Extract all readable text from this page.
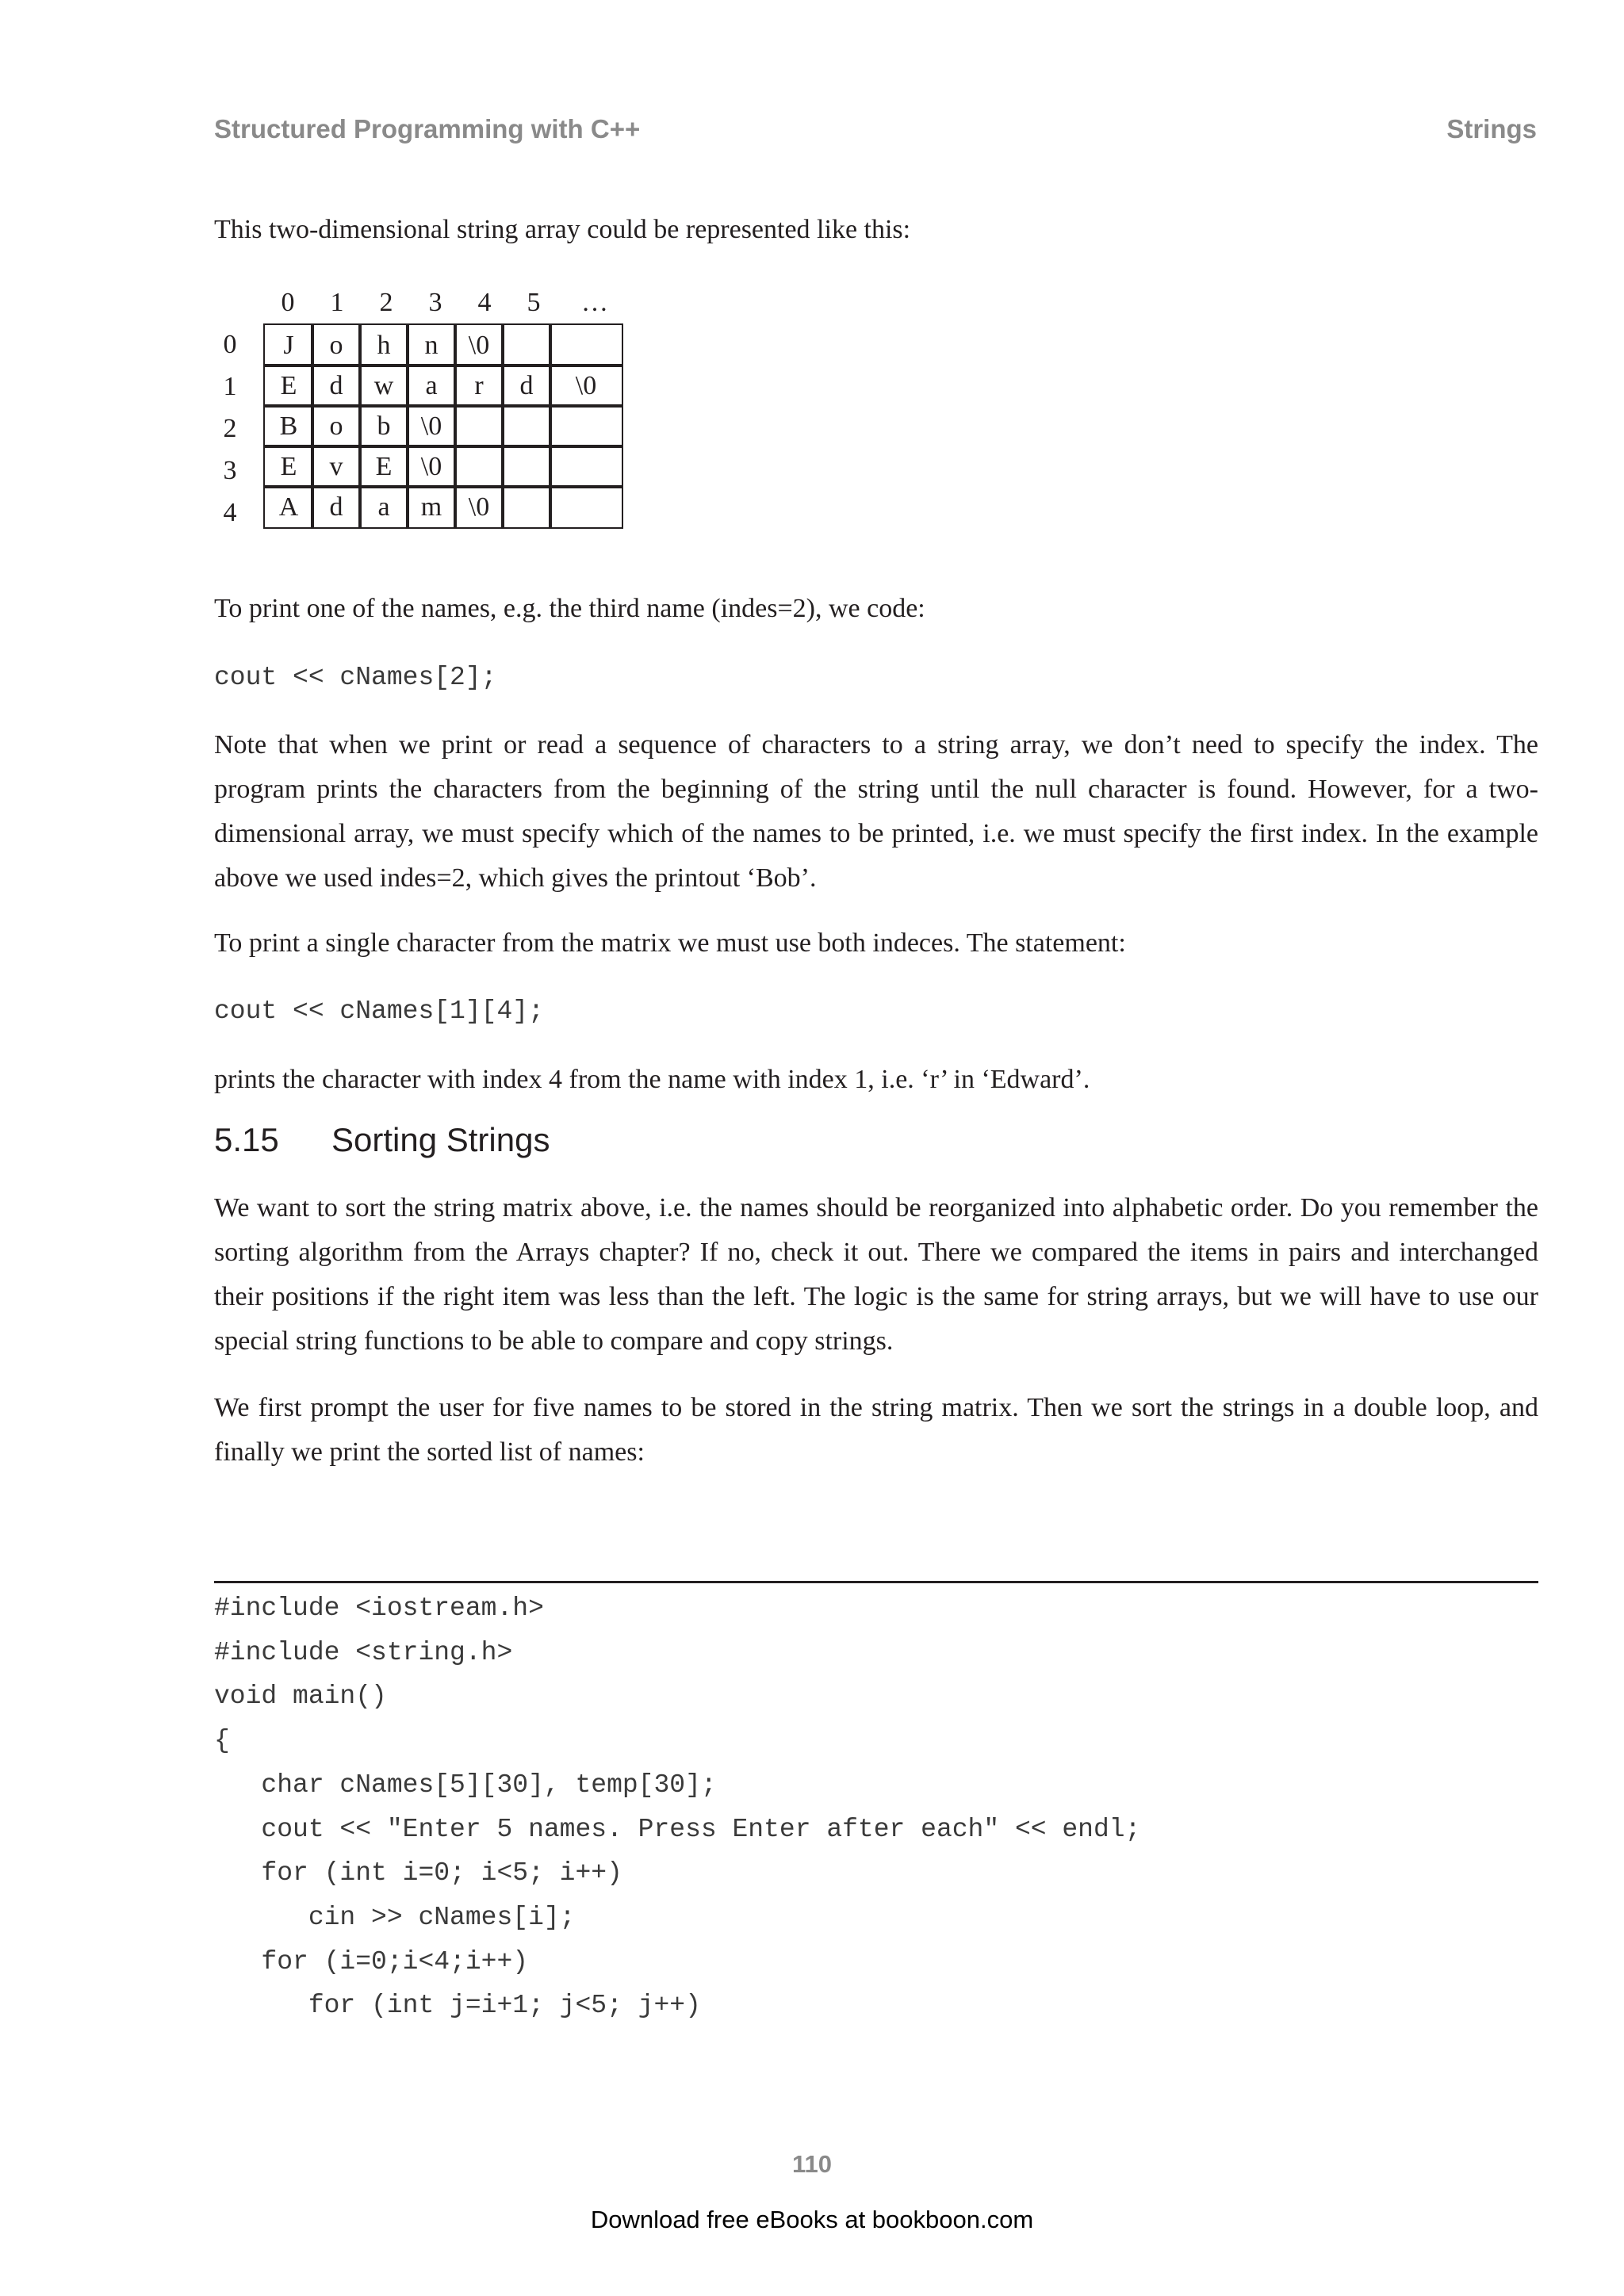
Structured Programming with C++	Strings
This two-dimensional string array could be represented like this:
0	1	2	3	4	5	…
0	J	o	h	n	\0
1	E	d	w	a	r	d	\0
2	B	o	b	\0
3	E	v	E	\0
4	A	d	a	m \0
To print one of the names, e.g. the third name (indes=2), we code:
cout << cNames[2];
Note that when we print or read a sequence of characters to a string array, we don’t need to specify the index. The program prints the characters from the beginning of the string until the null character is found. However, for a two-dimensional array, we must specify which of the names to be printed, i.e. we must specify the first index. In the example above we used indes=2, which gives the printout ‘Bob’.
To print a single character from the matrix we must use both indeces. The statement:
cout << cNames[1][4];
prints the character with index 4 from the name with index 1, i.e. ‘r’ in ‘Edward’.
5.15 Sorting Strings
We want to sort the string matrix above, i.e. the names should be reorganized into alphabetic order. Do you remember the sorting algorithm from the Arrays chapter? If no, check it out. There we compared the items in pairs and interchanged their positions if the right item was less than the left. The logic is the same for string arrays, but we will have to use our special string functions to be able to compare and copy strings.
We first prompt the user for five names to be stored in the string matrix. Then we sort the strings in a double loop, and finally we print the sorted list of names:
#include <iostream.h>
#include <string.h>
void main()
{
char cNames[5][30], temp[30];
cout << "Enter 5 names. Press Enter after each" << endl;
for (int i=0; i<5; i++)
cin >> cNames[i];
for (i=0;i<4;i++)
for (int j=i+1; j<5; j++)
110
Download free eBooks at bookboon.com
